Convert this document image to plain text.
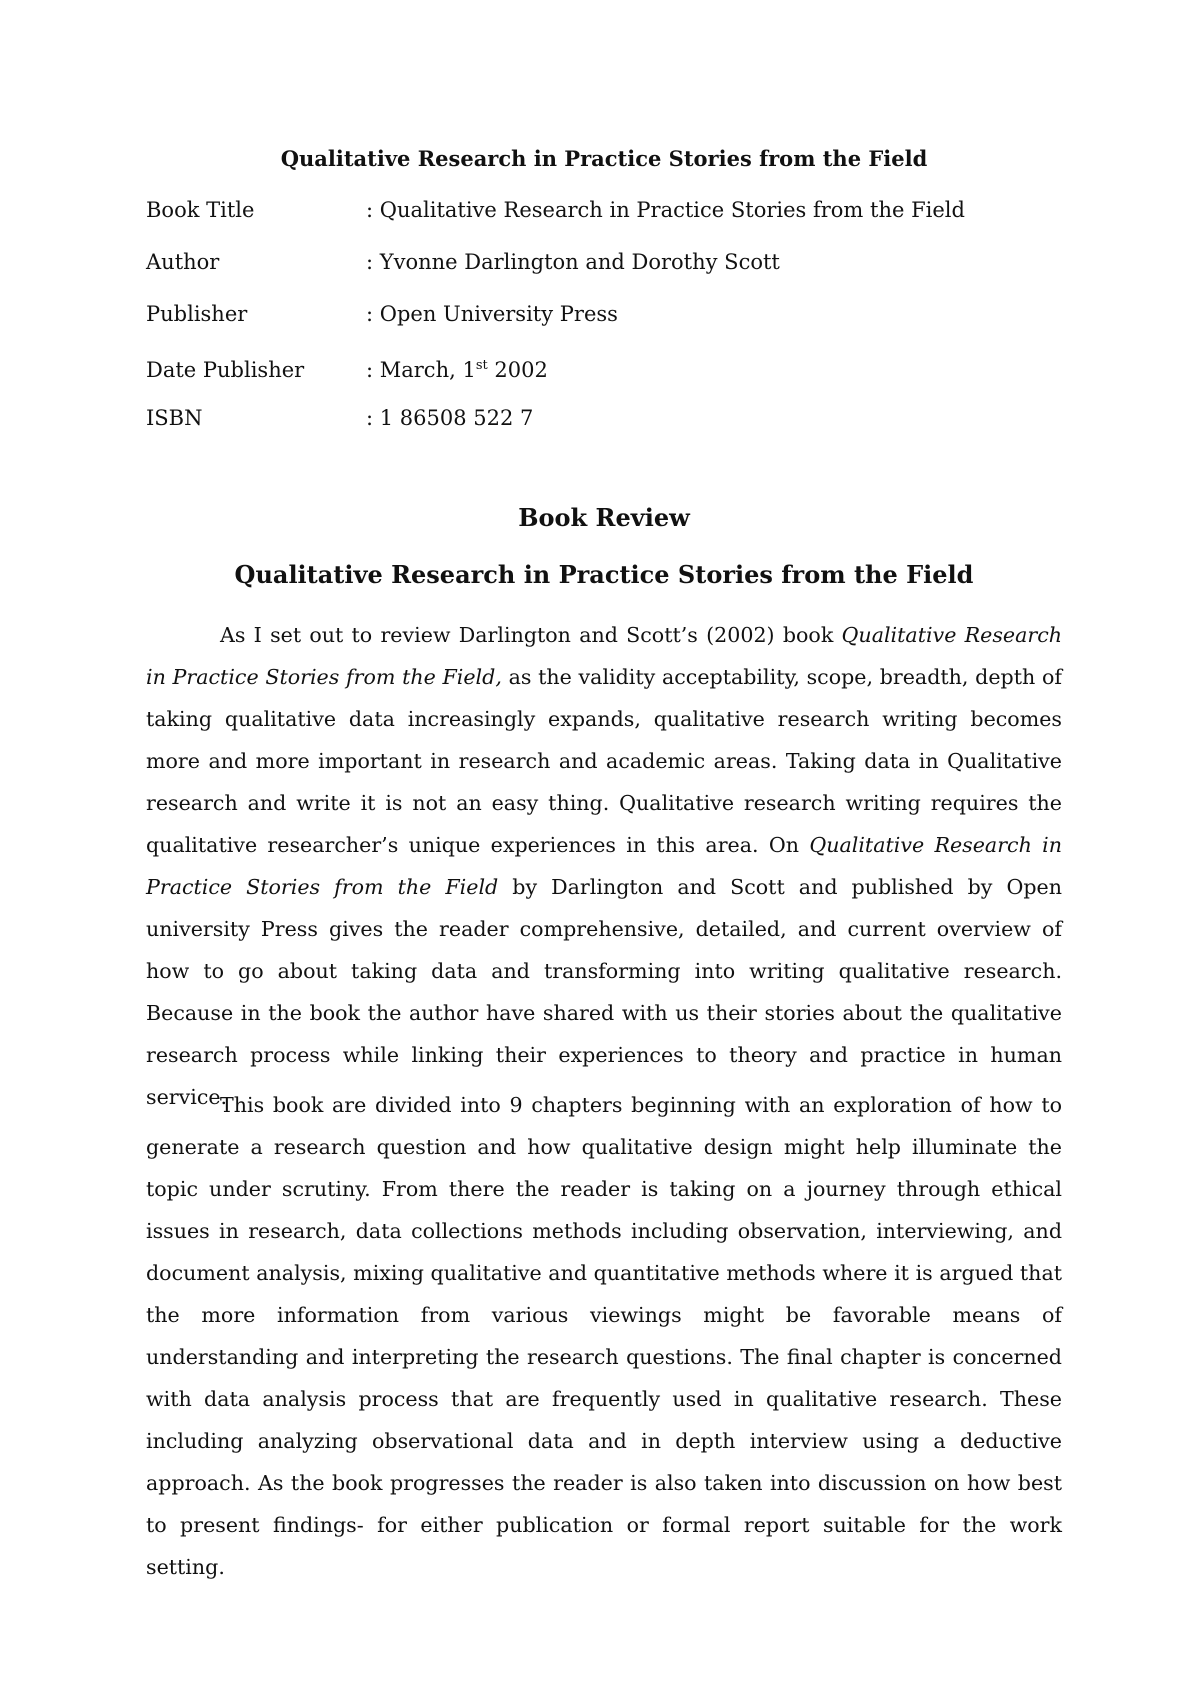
Qualitative Research in Practice Stories from the Field
Book Title	: Qualitative Research in Practice Stories from the Field
Author	: Yvonne Darlington and Dorothy Scott
Publisher	: Open University Press
Date Publisher	: March, 1st 2002
ISBN	: 1 86508 522 7
Book Review
Qualitative Research in Practice Stories from the Field

As I set out to review Darlington and Scott’s (2002) book Qualitative Research in Practice Stories from the Field, as the validity acceptability, scope, breadth, depth of taking qualitative data increasingly expands, qualitative research writing becomes more and more important in research and academic areas. Taking data in Qualitative research and write it is not an easy thing. Qualitative research writing requires the qualitative researcher’s unique experiences in this area. On Qualitative Research in Practice Stories from the Field by Darlington and Scott and published by Open university Press gives the reader comprehensive, detailed, and current overview of how to go about taking data and transforming into writing qualitative research. Because in the book the author have shared with us their stories about the qualitative research process while linking their experiences to theory and practice in human service.

This book are divided into 9 chapters beginning with an exploration of how to generate a research question and how qualitative design might help illuminate the topic under scrutiny. From there the reader is taking on a journey through ethical issues in research, data collections methods including observation, interviewing, and document analysis, mixing qualitative and quantitative methods where it is argued that the more information from various viewings might be favorable means of understanding and interpreting the research questions. The final chapter is concerned with data analysis process that are frequently used in qualitative research. These including analyzing observational data and in depth interview using a deductive approach. As the book progresses the reader is also taken into discussion on how best to present findings- for either publication or formal report suitable for the work setting.
